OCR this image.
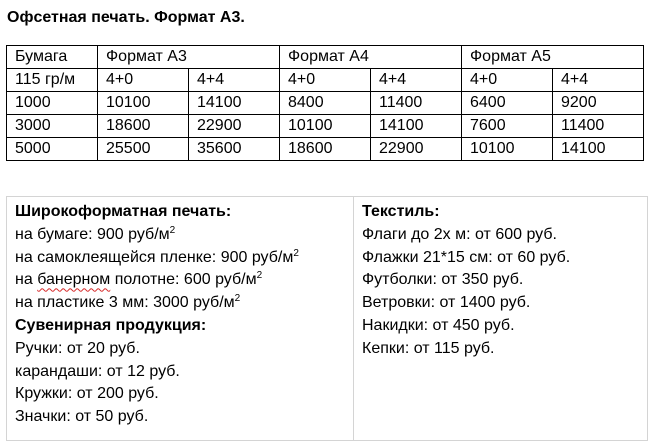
Офсетная печать. Формат А3.
Бумага	Формат А3		Формат А4		Формат А5	
115 гр/м	4+0	4+4	4+0	4+4	4+0	4+4
1000	10100	14100	8400	11400	6400	9200
3000	18600	22900	10100	14100	7600	11400
5000	25500	35600	18600	22900	10100	14100
Широкоформатная печать:
на бумаге: 900 руб/$м^2$
на самоклеящейся пленке: 900 руб/$м^2$
на банерном полотне: 600 руб/$м^2$
на пластике 3 мм: 3000 руб/$м^2$
Сувенирная продукция:
Ручки: от 20 руб.
карандаши: от 12 руб.
Кружки: от 200 руб.
Значки: от 50 руб.

Текстиль:
Флаги до 2х м: от 600 руб.
Флажки 21*15 см: от 60 руб.
Футболки: от 350 руб.
Ветровки: от 1400 руб.
Накидки: от 450 руб.
Кепки: от 115 руб.
